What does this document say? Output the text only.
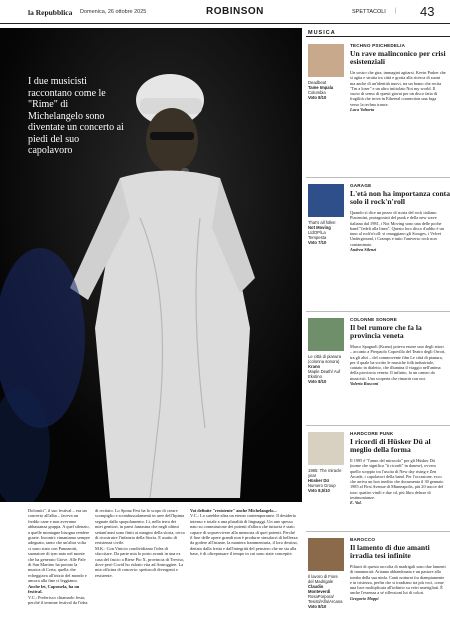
la Repubblica Domenica, 26 ottobre 2025	ROBINSON	SPETTACOLI | 43
I due musicisti raccontano come le "Rime" di Michelangelo sono diventate un concerto ai piedi del suo capolavoro
Dolomiti", il suo festival – era un concerto all'alba – faceva un freddo cane e non avevamo abbastanza grappa. A quel silenzio, a quelle montagne bisogna rendere grazie. Incontri: rimaniamo sempre adeguato, tanto che un'altra volta ci sono stato con Panzarotti, suonatore di tym nato nel monte che ha generato Giove. Alle Pale di San Martino ha portato la musica di Creta, quella che echeggiava all'inizio del mondo e ancora alla fine ci leggiamo.
Anche lei, Capossela, ha un festival.
V.C.: Preferisco chiamarlo festa; perché il termine festival da l'idea
di recitato. Lo Sponz Fest ha lo scopo di creare scompiglio e scombussolamenti in aree dell'Irpinia segnate dallo spopolamento. Lì, nella terra dei miei genitori, in paesi fantasma che negli ultimi settant'anni sono finiti ai margini della storia, cerco di ricostruire l'infanzia della Storia. E usatto di resistenza civile.
M.K.: Con Vinicio condividiamo l'idea di sfaccitare. Da parte mia lo porto avanti in una ex casa del fascio a Riese Pio X, provincia di Treviso, dove però Covid ho ridotto vita ad Antroggine. La mia officina di concerto: spettacoli divergenti e resistente.
Voi definite "resistente" anche Michelangelo...
V.C.: Lo sarebbe altra un eterno contemporaneo. Il desiderio intenso e totale a una pluralità di linguaggi. Un uno spesso nato su commissione dei potenti d'allora che tuttavia è stato capace di sopravvivere alla memoria di quei potenti. Perché il fine delle opere grandi non è produrre simulacri di bellezza da godere all'istante, la maniera frammentaria, il loro destino, dettato dalla fretta e dall'integrità del pensiero che ne sta alla base, è di oltrepassare il tempo in cui sono state concepite.
MUSICA
Deadbeat
Tame Impala
Columbia
Voto 8/10
TECHNO PSICHEDELIA
Un rave malinconico per crisi esistenziali
Un sostro che gira, immagini agitarsi. Kevin Parker che si agita e strutta tra città e grotta alla ricerca di suoni ma anche di un'identità nuovi, tra un brano che recita "I'm a loser" e un altro intitolato Not my world. Il vuoto di senso di questi giorni per un disco fatto di fragilità che trova in Ethereal connection una fuga verso la techno trance.
Luca Valtorta
That's all folks!
Not Moving
LtdOP/La Tempesta
Voto 7/10
GARAGE
L'età non ha importanza conta solo il rock'n'roll
Quando si dice un pezzo di storia del rock italiano. Piacentini, protagonisti del punk e della new wave italiana dal 1981, i Not Moving sono una delle poche band "fedeli alla linea". Questo loro disco d'addio è un inno al rock'n'roll: si omaggiano gli Stooges, i Velvet Underground, i Cramps e tutto l'universo rock non contaminato.
Andrea Silenzi
Le città di pianura (colonna sonora)
Krano
Maple Death/ Auf Ekotino
Voto 8/10
COLONNE SONORE
Il bel rumore che fa la provincia veneta
Marco Spagnoli (Krano) poteva essere uno degli attori – accanto a Pierpaolo Capovilla del Teatro degli Orrori, tra gli altri – del commovente film Le città di pianura, per il quale ha scritto le musiche folk industriale, cantato in dialetto, che illumina il viaggio nell'anima della provincia veneta. Il infinito, fa un cameo da musicisti. Una scoperta che rimarrà con noi.
Valeria Rusconi
1985: The miracle year
Hüsker Dü
Numero Group
Voto 8,5/10
HARDCORE PUNK
I ricordi di Hüsker Dü al meglio della forma
Il 1985 è "l'anno del miracolo" per gli Hüsker Dü (nome che significa "ti ricordi" in danese), ovvero quello scoppio tra l'uscita di New day rising e Zen Arcade, i capolavori della band. Per l'occasione, ecco che arriva un box inedito che documenta il 30 gennaio 1985 al First Avenue di Minneapolis, più 20 tracce del tour: quattro vinili e due cd, più libro deluxe di testimonianze.
E. Val.
Il lavoro di Fiore del Madrigale
Claudio Monteverdi
RosaPorpora/ Tesisti/Alfa/Arcana
Voto 8/10
BAROCCO
Il lamento di due amanti irradia tesi infinite
Pilastri di questa raccolta di madrigali sono due lamenti di innamorati: Arianna abbandonata e un pastore alla tomba della sua ninfa. Canti notturni fra diampiamente e in tristezza, perfin che si irradiano tra più voci, come una luce moltiplicata all'infinito su vetri smerigliati. È anche l'essenza a sé riflessioni lui di colori.
Gregorio Moppi
